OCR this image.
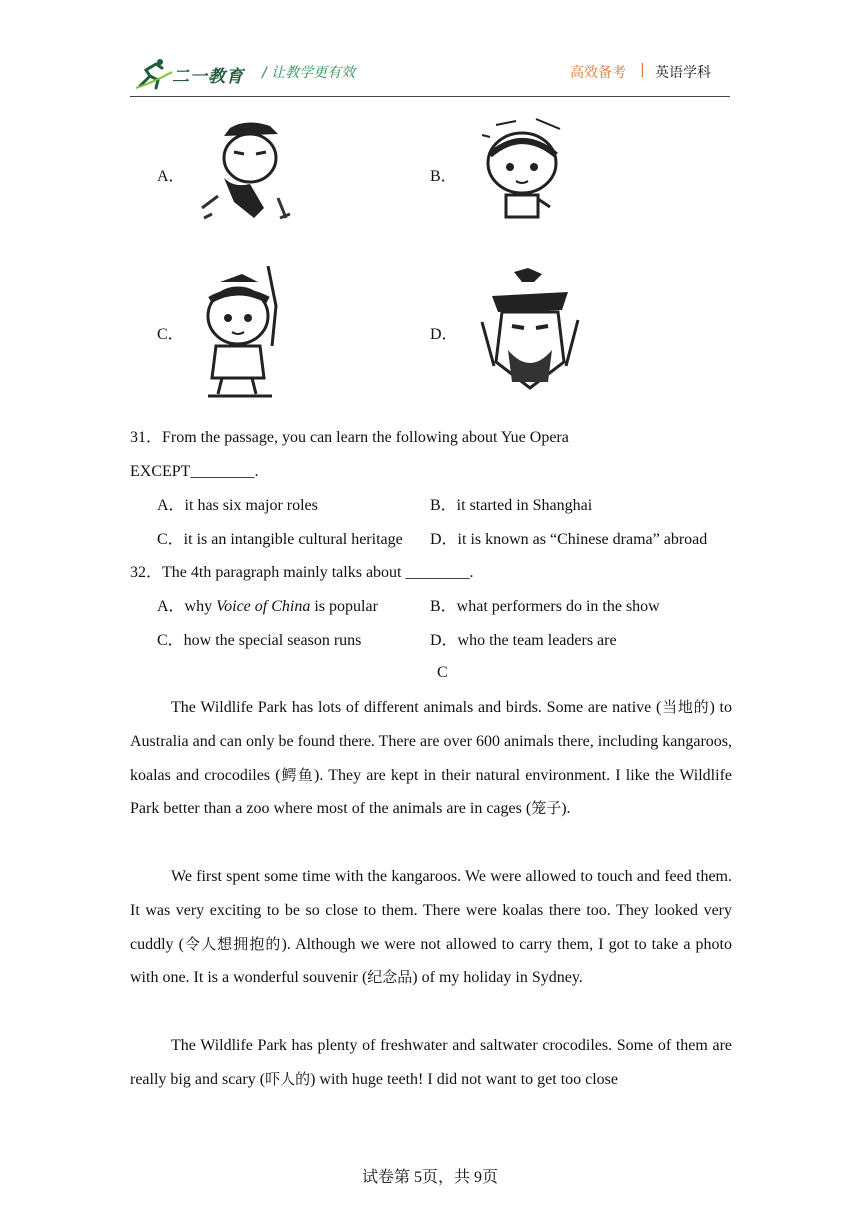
二一教育 / 让教学更有效	高效备考 | 英语学科
A．	B．
C．	D．
31．From the passage, you can learn the following about Yue Opera
EXCEPT________.
A．it has six major roles	B．it started in Shanghai
C．it is an intangible cultural heritage D．it is known as “Chinese drama” abroad
32．The 4th paragraph mainly talks about ________.
A．why Voice of China is popular	B．what performers do in the show
C．how the special season runs	D．who the team leaders are
C
The Wildlife Park has lots of different animals and birds. Some are native (当地的) to Australia and can only be found there. There are over 600 animals there, including kangaroos, koalas and crocodiles (鳄鱼). They are kept in their natural environment. I like the Wildlife Park better than a zoo where most of the animals are in cages (笼子).
We first spent some time with the kangaroos. We were allowed to touch and feed them. It was very exciting to be so close to them. There were koalas there too. They looked very cuddly (令人想拥抱的). Although we were not allowed to carry them, I got to take a photo with one. It is a wonderful souvenir (纪念品) of my holiday in Sydney.
The Wildlife Park has plenty of freshwater and saltwater crocodiles. Some of them are really big and scary (吓人的) with huge teeth! I did not want to get too close
试卷第 5页，共 9页
